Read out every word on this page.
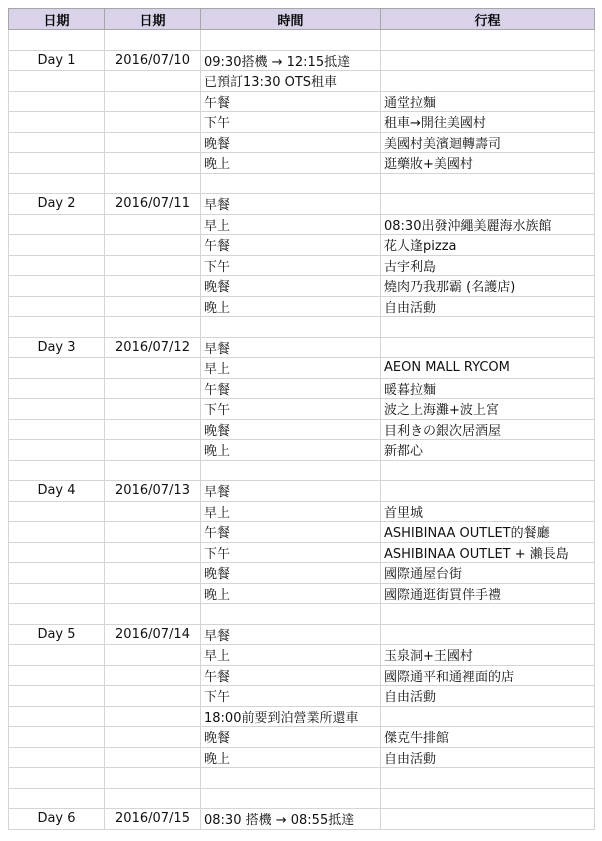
日期	日期	時間	行程

Day 1	2016/07/10	09:30搭機 → 12:15抵達	
		已預訂13:30 OTS租車	
		午餐	通堂拉麵
		下午	租車→開往美國村
		晚餐	美國村美濱迴轉壽司
		晚上	逛藥妝+美國村

Day 2	2016/07/11	早餐	
		早上	08:30出發沖繩美麗海水族館
		午餐	花人逢pizza
		下午	古宇利島
		晚餐	燒肉乃我那霸 (名護店)
		晚上	自由活動

Day 3	2016/07/12	早餐	
		早上	AEON MALL RYCOM
		午餐	暖暮拉麵
		下午	波之上海灘+波上宮
		晚餐	目利きの銀次居酒屋
		晚上	新都心

Day 4	2016/07/13	早餐	
		早上	首里城
		午餐	ASHIBINAA OUTLET的餐廳
		下午	ASHIBINAA OUTLET + 瀨長島
		晚餐	國際通屋台街
		晚上	國際通逛街買伴手禮

Day 5	2016/07/14	早餐	
		早上	玉泉洞+王國村
		午餐	國際通平和通裡面的店
		下午	自由活動
		18:00前要到泊營業所還車	
		晚餐	傑克牛排館
		晚上	自由活動

Day 6	2016/07/15	08:30 搭機 → 08:55抵達	
